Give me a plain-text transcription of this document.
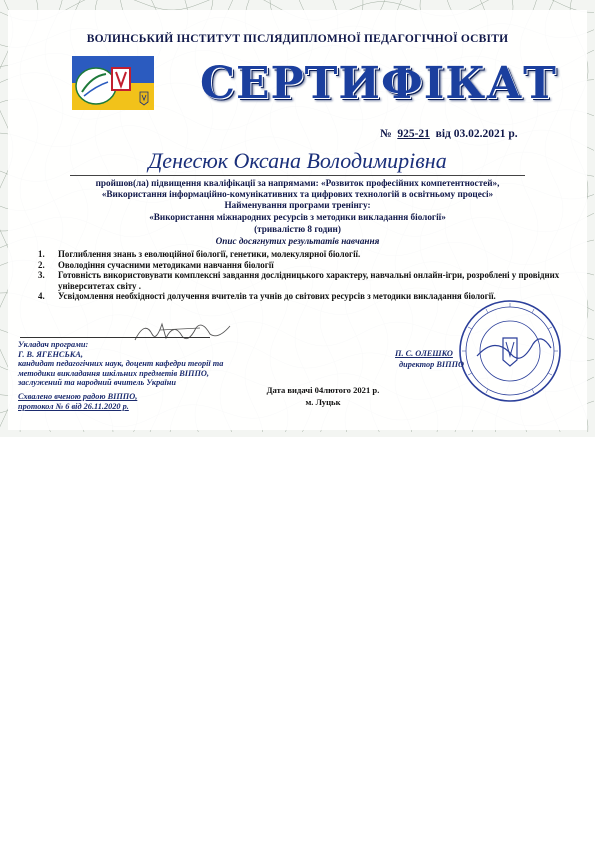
ВОЛИНСЬКИЙ ІНСТИТУТ ПІСЛЯДИПЛОМНОЇ ПЕДАГОГІЧНОЇ ОСВІТИ
СЕРТИФІКАТ
№ 925-21 від 03.02.2021 р.
Денесюк Оксана Володимирівна
пройшов(ла) підвищення кваліфікації за напрямами: «Розвиток професійних компетентностей»,
«Використання інформаційно-комунікативних та цифрових технологій в освітньому процесі»
Найменування програми тренінгу:
«Використання міжнародних ресурсів з методики викладання біології»
(тривалістю 8 годин)
Опис досягнутих результатів навчання
1.	Поглиблення знань з еволюційної біології, генетики, молекулярної біології.
2.	Оволодіння сучасними методиками навчання біології
3.	Готовність використовувати комплексні завдання дослідницького характеру, навчальні онлайн-ігри, розроблені у провідних університетах світу .
4.	Усвідомлення необхідності долучення вчителів та учнів до світових ресурсів з методики викладання біології.
Укладач програми:
Г. В. ЯГЕНСЬКА,
кандидат педагогічних наук, доцент кафедри теорії та методики викладання шкільних предметів ВІППО, заслужений та народний вчитель України
Схвалено вченою радою ВІППО, протокол № 6 від 26.11.2020 р.
П. С. ОЛЕШКО
директор ВІППО
Дата видачі 04лютого 2021 р.
м. Луцьк
